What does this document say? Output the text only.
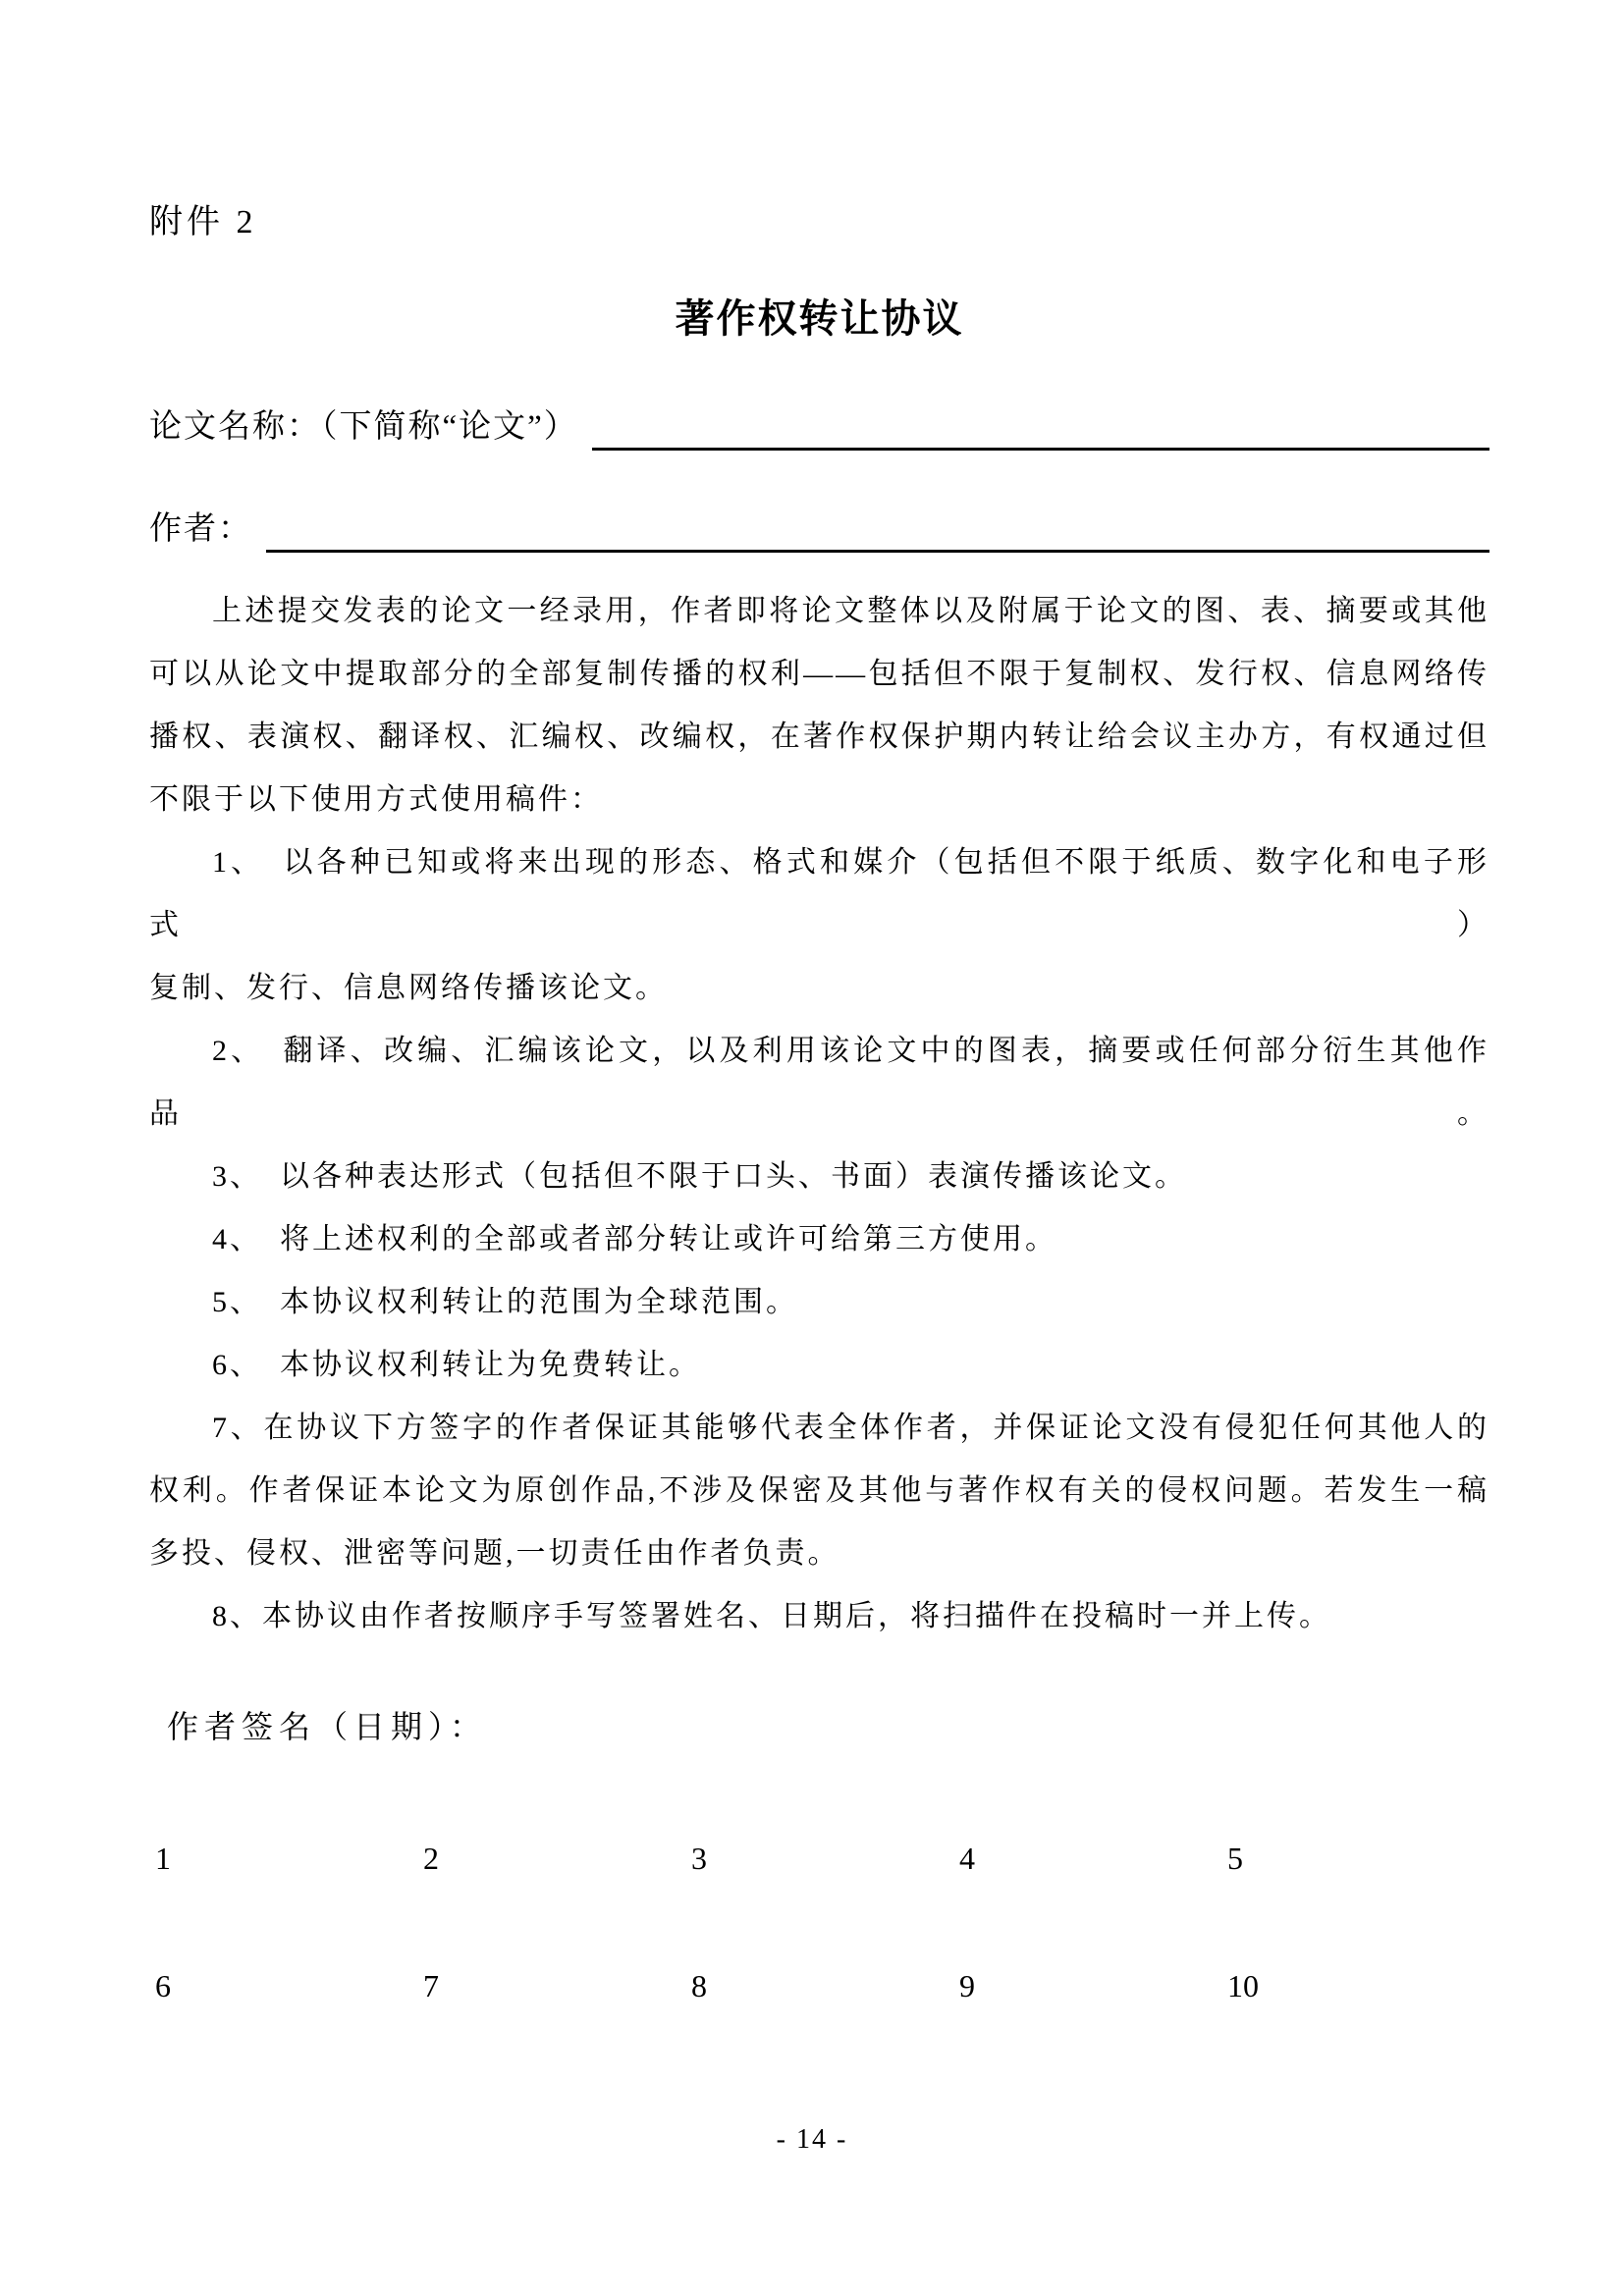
附件 2
著作权转让协议
论文名称：（下简称“论文”）
作者：
上述提交发表的论文一经录用，作者即将论文整体以及附属于论文的图、表、摘要或其他
可以从论文中提取部分的全部复制传播的权利——包括但不限于复制权、发行权、信息网络传
播权、表演权、翻译权、汇编权、改编权，在著作权保护期内转让给会议主办方，有权通过但
不限于以下使用方式使用稿件：
1、　以各种已知或将来出现的形态、格式和媒介（包括但不限于纸质、数字化和电子形式）
复制、发行、信息网络传播该论文。
2、　翻译、改编、汇编该论文，以及利用该论文中的图表，摘要或任何部分衍生其他作品。
3、　以各种表达形式（包括但不限于口头、书面）表演传播该论文。
4、　将上述权利的全部或者部分转让或许可给第三方使用。
5、　本协议权利转让的范围为全球范围。
6、　本协议权利转让为免费转让。
7、在协议下方签字的作者保证其能够代表全体作者，并保证论文没有侵犯任何其他人的
权利。作者保证本论文为原创作品,不涉及保密及其他与著作权有关的侵权问题。若发生一稿
多投、侵权、泄密等问题,一切责任由作者负责。
8、本协议由作者按顺序手写签署姓名、日期后，将扫描件在投稿时一并上传。
作者签名（日期）：
1	2	3	4	5
6	7	8	9	10
- 14 -
